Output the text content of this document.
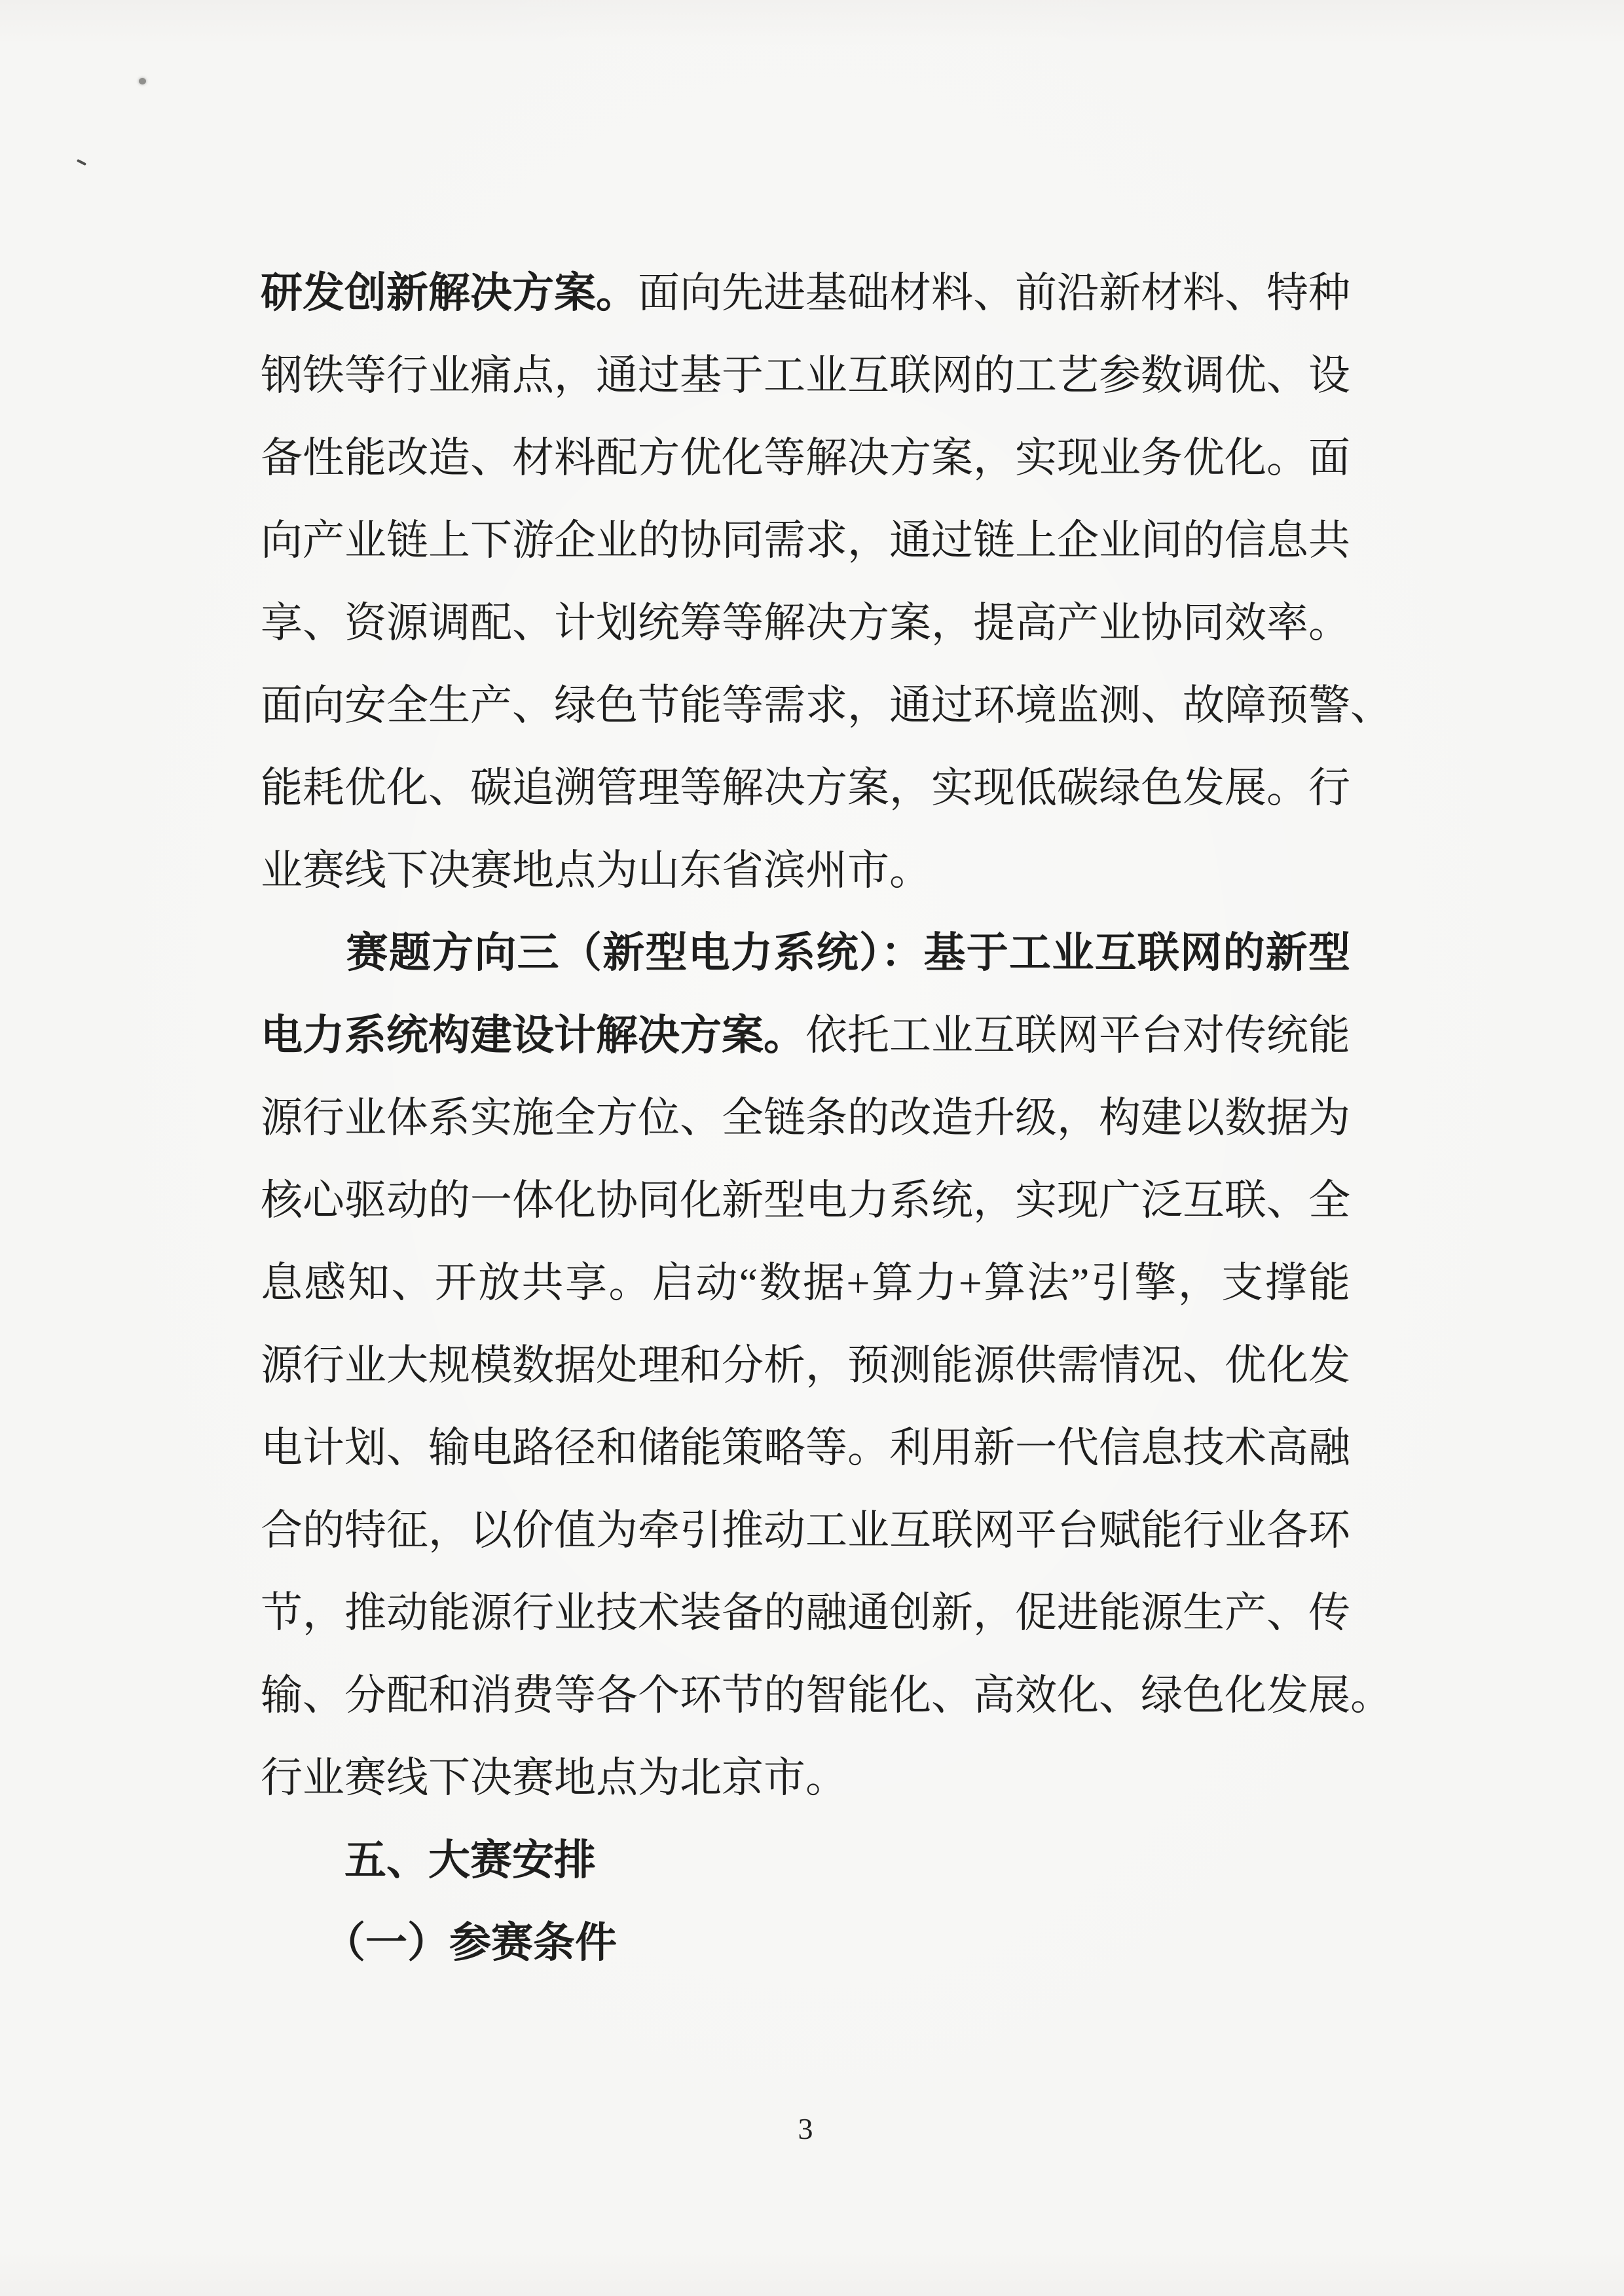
研发创新解决方案。面向先进基础材料、前沿新材料、特种
钢铁等行业痛点，通过基于工业互联网的工艺参数调优、设
备性能改造、材料配方优化等解决方案，实现业务优化。面
向产业链上下游企业的协同需求，通过链上企业间的信息共
享、资源调配、计划统筹等解决方案，提高产业协同效率。
面向安全生产、绿色节能等需求，通过环境监测、故障预警、
能耗优化、碳追溯管理等解决方案，实现低碳绿色发展。行
业赛线下决赛地点为山东省滨州市。
　　赛题方向三（新型电力系统）：基于工业互联网的新型
电力系统构建设计解决方案。依托工业互联网平台对传统能
源行业体系实施全方位、全链条的改造升级，构建以数据为
核心驱动的一体化协同化新型电力系统，实现广泛互联、全
息感知、开放共享。启动“数据+算力+算法”引擎，支撑能
源行业大规模数据处理和分析，预测能源供需情况、优化发
电计划、输电路径和储能策略等。利用新一代信息技术高融
合的特征，以价值为牵引推动工业互联网平台赋能行业各环
节，推动能源行业技术装备的融通创新，促进能源生产、传
输、分配和消费等各个环节的智能化、高效化、绿色化发展。
行业赛线下决赛地点为北京市。
　　五、大赛安排
　　（一）参赛条件
3
